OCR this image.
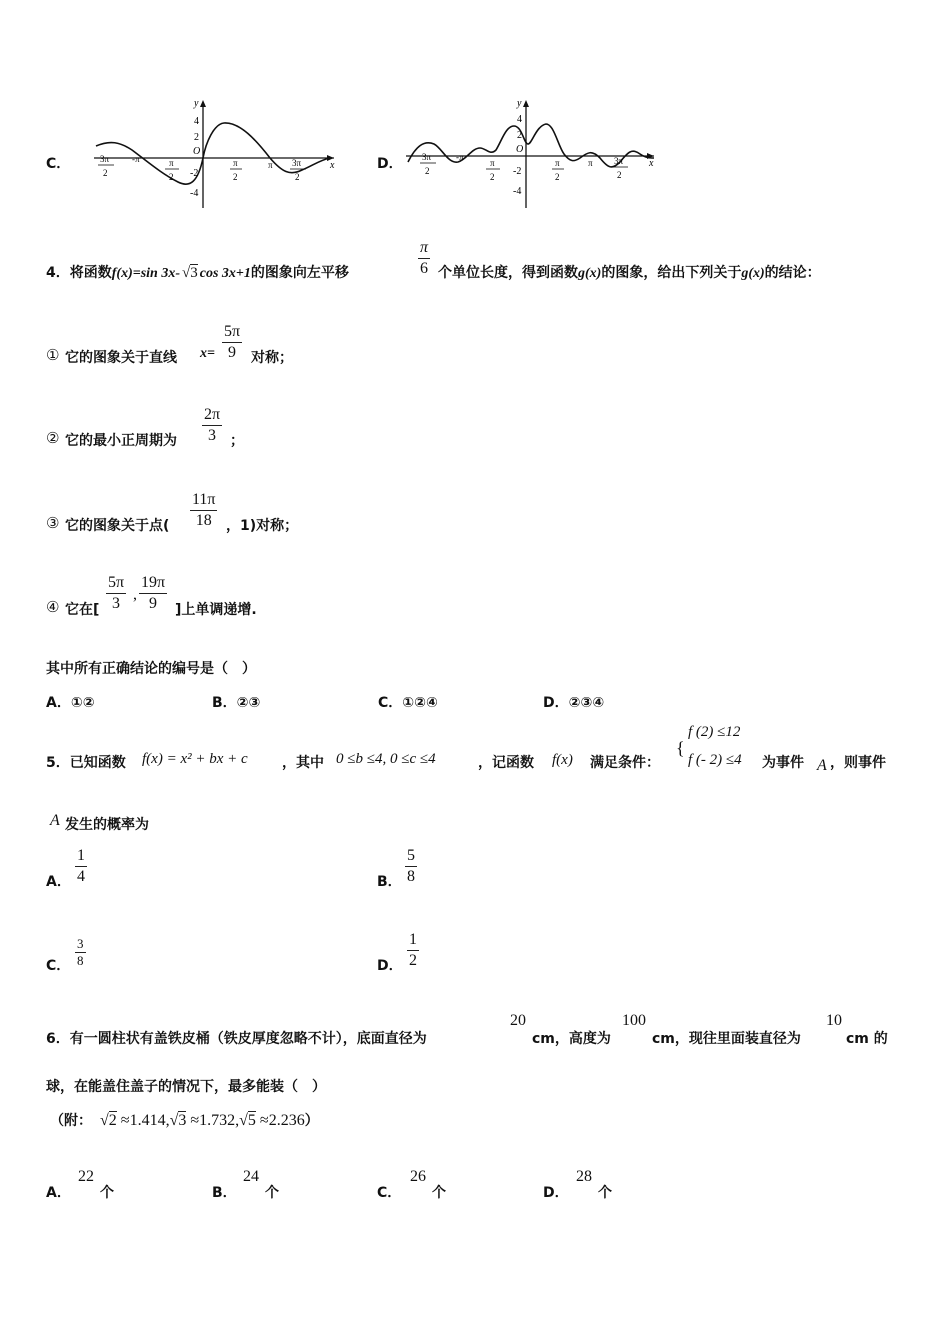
C．
y
x
4
2
O
-2
-4
3π
2
-π	π
2
π
2
π 3π
2
D．
y
x
4
2
O
-2
-4
3π
2
-π
π
2
π
2
π 3π
2
4．将函数 f(x)=sin 3x- √3 cos 3x+1 的图象向左平移
π
6 个单位长度，得到函数 g(x) 的图象，给出下列关于 g(x) 的结论：
① 它的图象关于直线 x=
5π
9 对称；
② 它的最小正周期为
2π
3 ；
③ 它的图象关于点(
11π
18 ，1)对称；
④ 它在[
5π
3
,
19π
9 ]上单调递增.
其中所有正确结论的编号是（　）
A．①②	B．②③	C．①②④	D．②③④
5．已知函数 f(x) = x² + bx + c ，其中 0 ≤b ≤4, 0 ≤c ≤4	，记函数 f(x) 满足条件：
{
f (2) ≤12
f (- 2) ≤4 为事件 A ，则事件
A 发生的概率为
A．
1
4	B．
5
8
C．
3
8	D．
1
2
6．有一圆柱状有盖铁皮桶（铁皮厚度忽略不计），底面直径为
20
cm，高度为
100
cm，现往里面装直径为
10
cm 的
球，在能盖住盖子的情况下，最多能装（　）
（附： √2 ≈1.414, √3 ≈1.732, √5 ≈2.236 ）
A．
22
个	B．
24
个	C．
26
个	D．
28
个
